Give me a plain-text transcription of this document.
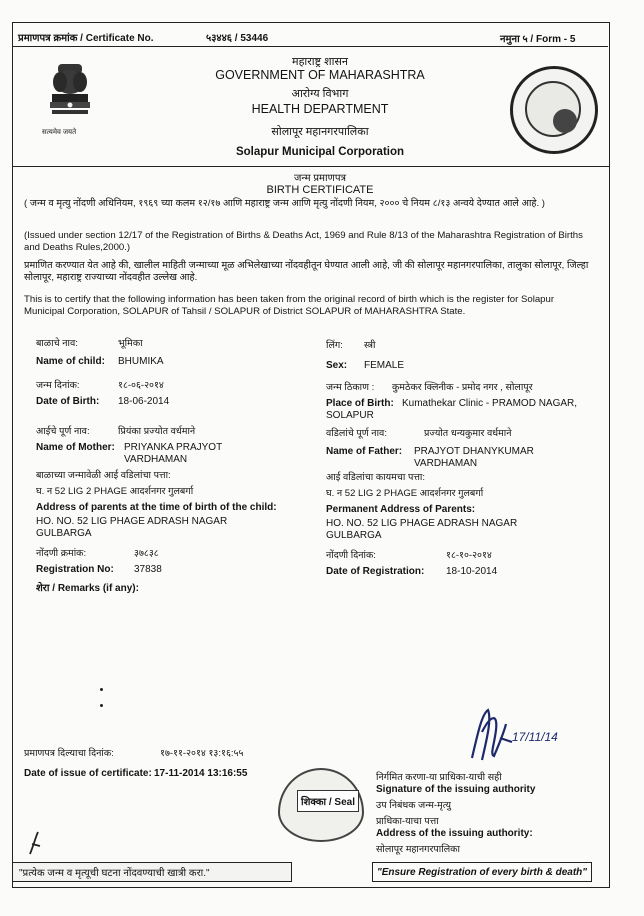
प्रमाणपत्र क्रमांक / Certificate No.	५३४४६ / 53446	नमुना ५ / Form - 5
सत्यमेव जयते
महाराष्ट्र शासन
GOVERNMENT OF MAHARASHTRA
आरोग्य विभाग
HEALTH DEPARTMENT
सोलापूर महानगरपालिका
Solapur Municipal Corporation
जन्म प्रमाणपत्र
BIRTH CERTIFICATE
( जन्म व मृत्यु नोंदणी अधिनियम, १९६९ च्या कलम १२/१७ आणि महाराष्ट्र जन्म आणि मृत्यु नोंदणी नियम, २००० चे नियम ८/१३ अन्वये देण्यात आले आहे. )
(Issued under section 12/17 of the Registration of Births & Deaths Act, 1969 and Rule 8/13 of the Maharashtra Registration of Births and Deaths Rules,2000.)
प्रमाणित करण्यात येत आहे की, खालील माहिती जन्माच्या मूळ अभिलेखाच्या नोंदवहीतून घेण्यात आली आहे, जी की सोलापूर महानगरपालिका, तालुका सोलापूर, जिल्हा सोलापूर, महाराष्ट्र राज्याच्या नोंदवहीत उल्लेख आहे.
This is to certify that the following information has been taken from the original record of birth which is the register for Solapur Municipal Corporation, SOLAPUR of Tahsil / SOLAPUR of District SOLAPUR of MAHARASHTRA State.
बाळाचे नाव:	भूमिका	लिंग: स्त्री
Name of child: BHUMIKA	Sex: FEMALE
जन्म दिनांक:	१८-०६-२०१४	जन्म ठिकाण : कुमठेकर क्लिनीक - प्रमोद नगर , सोलापूर
Date of Birth: 18-06-2014	Place of Birth: Kumathekar Clinic - PRAMOD NAGAR,
SOLAPUR
आईचे पूर्ण नाव:	प्रियंका प्रज्योत वर्धमाने	वडिलांचे पूर्ण नाव:	प्रज्योत धन्यकुमार वर्धमाने
Name of Mother: PRIYANKA PRAJYOT
VARDHAMAN
Name of Father: PRAJYOT DHANYKUMAR
VARDHAMAN
बाळाच्या जन्मावेळी आई वडिलांचा पत्ता:	आई वडिलांचा कायमचा पत्ता:
घ. न 52 LIG 2 PHAGE आदर्शनगर गुलबर्गा	घ. न 52 LIG 2 PHAGE आदर्शनगर गुलबर्गा
Address of parents at the time of birth of the child:	Permanent Address of Parents:
HO. NO. 52 LIG PHAGE ADRASH NAGAR
GULBARGA
HO. NO. 52 LIG PHAGE ADRASH NAGAR
GULBARGA
नोंदणी क्रमांक:	३७८३८	नोंदणी दिनांक:	१८-१०-२०१४
Registration No: 37838	Date of Registration: 18-10-2014
शेरा / Remarks (if any):
17/11/14
प्रमाणपत्र दिल्याचा दिनांक:	१७-११-२०१४ १३:१६:५५
Date of issue of certificate: 17-11-2014 13:16:55
शिक्का / Seal
निर्गमित करणा-या प्राधिका-याची सही
Signature of the issuing authority
उप निबंधक जन्म-मृत्यु
प्राधिका-याचा पत्ता
Address of the issuing authority:
सोलापूर महानगरपालिका
"प्रत्येक जन्म व मृत्यूची घटना नोंदवण्याची खात्री करा."	"Ensure Registration of every birth & death"
